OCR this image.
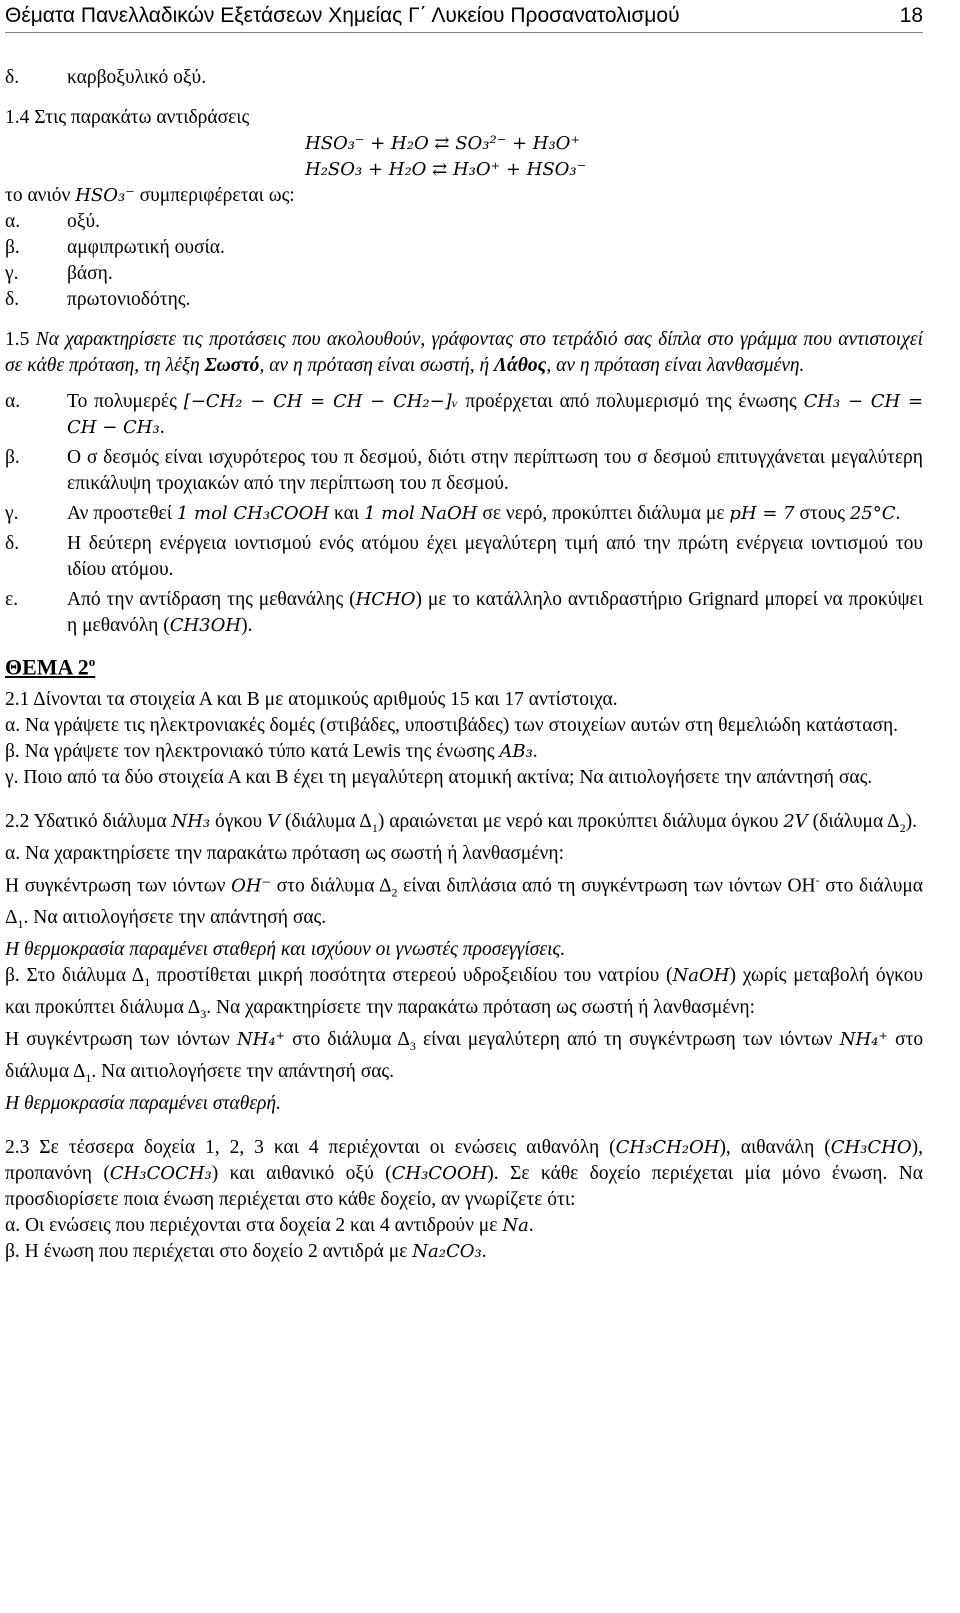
Θέματα Πανελλαδικών Εξετάσεων Χημείας Γ΄ Λυκείου Προσανατολισμού	18
δ.	καρβοξυλικό οξύ.
1.4 Στις παρακάτω αντιδράσεις
HSO₃⁻ + H₂O ⇄ SO₃²⁻ + H₃O⁺
H₂SO₃ + H₂O ⇄ H₃O⁺ + HSO₃⁻
το ανιόν HSO₃⁻ συμπεριφέρεται ως:
α.	οξύ.
β.	αμφιπρωτική ουσία.
γ.	βάση.
δ.	πρωτονιοδότης.
1.5 Να χαρακτηρίσετε τις προτάσεις που ακολουθούν, γράφοντας στο τετράδιό σας δίπλα στο γράμμα που αντιστοιχεί σε κάθε πρόταση, τη λέξη Σωστό, αν η πρόταση είναι σωστή, ή Λάθος, αν η πρόταση είναι λανθασμένη.
α.	Το πολυμερές [−CH₂ − CH = CH − CH₂−]ᵥ προέρχεται από πολυμερισμό της ένωσης CH₃ − CH = CH − CH₃.
β.	Ο σ δεσμός είναι ισχυρότερος του π δεσμού, διότι στην περίπτωση του σ δεσμού επιτυγχάνεται μεγαλύτερη επικάλυψη τροχιακών από την περίπτωση του π δεσμού.
γ.	Αν προστεθεί 1 mol CH₃COOH και 1 mol NaOH σε νερό, προκύπτει διάλυμα με pH = 7 στους 25°C.
δ.	Η δεύτερη ενέργεια ιοντισμού ενός ατόμου έχει μεγαλύτερη τιμή από την πρώτη ενέργεια ιοντισμού του ιδίου ατόμου.
ε.	Από την αντίδραση της μεθανάλης (HCHO) με το κατάλληλο αντιδραστήριο Grignard μπορεί να προκύψει η μεθανόλη (CH3OH).
ΘΕΜΑ $2^o$
2.1 Δίνονται τα στοιχεία Α και Β με ατομικούς αριθμούς 15 και 17 αντίστοιχα.
α. Να γράψετε τις ηλεκτρονιακές δομές (στιβάδες, υποστιβάδες) των στοιχείων αυτών στη θεμελιώδη κατάσταση.
β. Να γράψετε τον ηλεκτρονιακό τύπο κατά Lewis της ένωσης AB₃.
γ. Ποιο από τα δύο στοιχεία Α και Β έχει τη μεγαλύτερη ατομική ακτίνα; Να αιτιολογήσετε την απάντησή σας.
2.2 Υδατικό διάλυμα NH₃ όγκου V (διάλυμα $\Delta_1$) αραιώνεται με νερό και προκύπτει διάλυμα όγκου 2V (διάλυμα $\Delta_2$).
α. Να χαρακτηρίσετε την παρακάτω πρόταση ως σωστή ή λανθασμένη:
Η συγκέντρωση των ιόντων OH⁻ στο διάλυμα $\Delta_2$ είναι διπλάσια από τη συγκέντρωση των ιόντων ΟΗ- στο διάλυμα $\Delta_1$. Να αιτιολογήσετε την απάντησή σας.
Η θερμοκρασία παραμένει σταθερή και ισχύουν οι γνωστές προσεγγίσεις.
β. Στο διάλυμα $\Delta_1$ προστίθεται μικρή ποσότητα στερεού υδροξειδίου του νατρίου (NaOH) χωρίς μεταβολή όγκου και προκύπτει διάλυμα $\Delta_3$. Να χαρακτηρίσετε την παρακάτω πρόταση ως σωστή ή λανθασμένη:
Η συγκέντρωση των ιόντων NH₄⁺ στο διάλυμα $\Delta_3$ είναι μεγαλύτερη από τη συγκέντρωση των ιόντων NH₄⁺ στο διάλυμα $\Delta_1$. Να αιτιολογήσετε την απάντησή σας.
Η θερμοκρασία παραμένει σταθερή.
2.3 Σε τέσσερα δοχεία 1, 2, 3 και 4 περιέχονται οι ενώσεις αιθανόλη (CH₃CH₂OH), αιθανάλη (CH₃CHO), προπανόνη (CH₃COCH₃) και αιθανικό οξύ (CH₃COOH). Σε κάθε δοχείο περιέχεται μία μόνο ένωση. Να προσδιορίσετε ποια ένωση περιέχεται στο κάθε δοχείο, αν γνωρίζετε ότι:
α. Οι ενώσεις που περιέχονται στα δοχεία 2 και 4 αντιδρούν με Na.
β. Η ένωση που περιέχεται στο δοχείο 2 αντιδρά με Na₂CO₃.
